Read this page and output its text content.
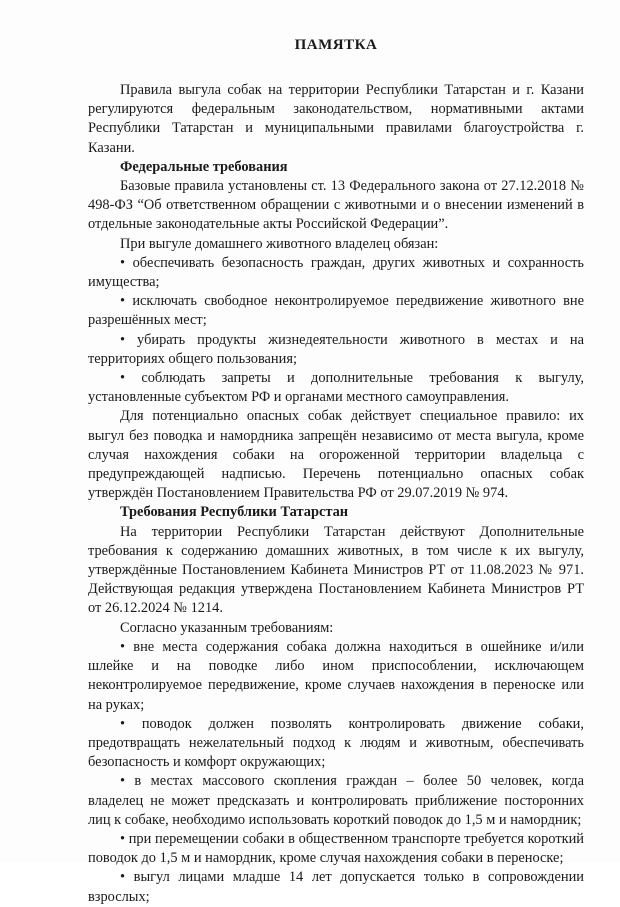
ПАМЯТКА

Правила выгула собак на территории Республики Татарстан и г. Казани регулируются федеральным законодательством, нормативными актами Республики Татарстан и муниципальными правилами благоустройства г. Казани.

Федеральные требования

Базовые правила установлены ст. 13 Федерального закона от 27.12.2018 № 498-ФЗ “Об ответственном обращении с животными и о внесении изменений в отдельные законодательные акты Российской Федерации”.

При выгуле домашнего животного владелец обязан:

• обеспечивать безопасность граждан, других животных и сохранность имущества;

• исключать свободное неконтролируемое передвижение животного вне разрешённых мест;

• убирать продукты жизнедеятельности животного в местах и на территориях общего пользования;

• соблюдать запреты и дополнительные требования к выгулу, установленные субъектом РФ и органами местного самоуправления.

Для потенциально опасных собак действует специальное правило: их выгул без поводка и намордника запрещён независимо от места выгула, кроме случая нахождения собаки на огороженной территории владельца с предупреждающей надписью. Перечень потенциально опасных собак утверждён Постановлением Правительства РФ от 29.07.2019 № 974.

Требования Республики Татарстан

На территории Республики Татарстан действуют Дополнительные требования к содержанию домашних животных, в том числе к их выгулу, утверждённые Постановлением Кабинета Министров РТ от 11.08.2023 № 971. Действующая редакция утверждена Постановлением Кабинета Министров РТ от 26.12.2024 № 1214.

Согласно указанным требованиям:

• вне места содержания собака должна находиться в ошейнике и/или шлейке и на поводке либо ином приспособлении, исключающем неконтролируемое передвижение, кроме случаев нахождения в переноске или на руках;

• поводок должен позволять контролировать движение собаки, предотвращать нежелательный подход к людям и животным, обеспечивать безопасность и комфорт окружающих;

• в местах массового скопления граждан – более 50 человек, когда владелец не может предсказать и контролировать приближение посторонних лиц к собаке, необходимо использовать короткий поводок до 1,5 м и намордник;

• при перемещении собаки в общественном транспорте требуется короткий поводок до 1,5 м и намордник, кроме случая нахождения собаки в переноске;

• выгул лицами младше 14 лет допускается только в сопровождении взрослых;
